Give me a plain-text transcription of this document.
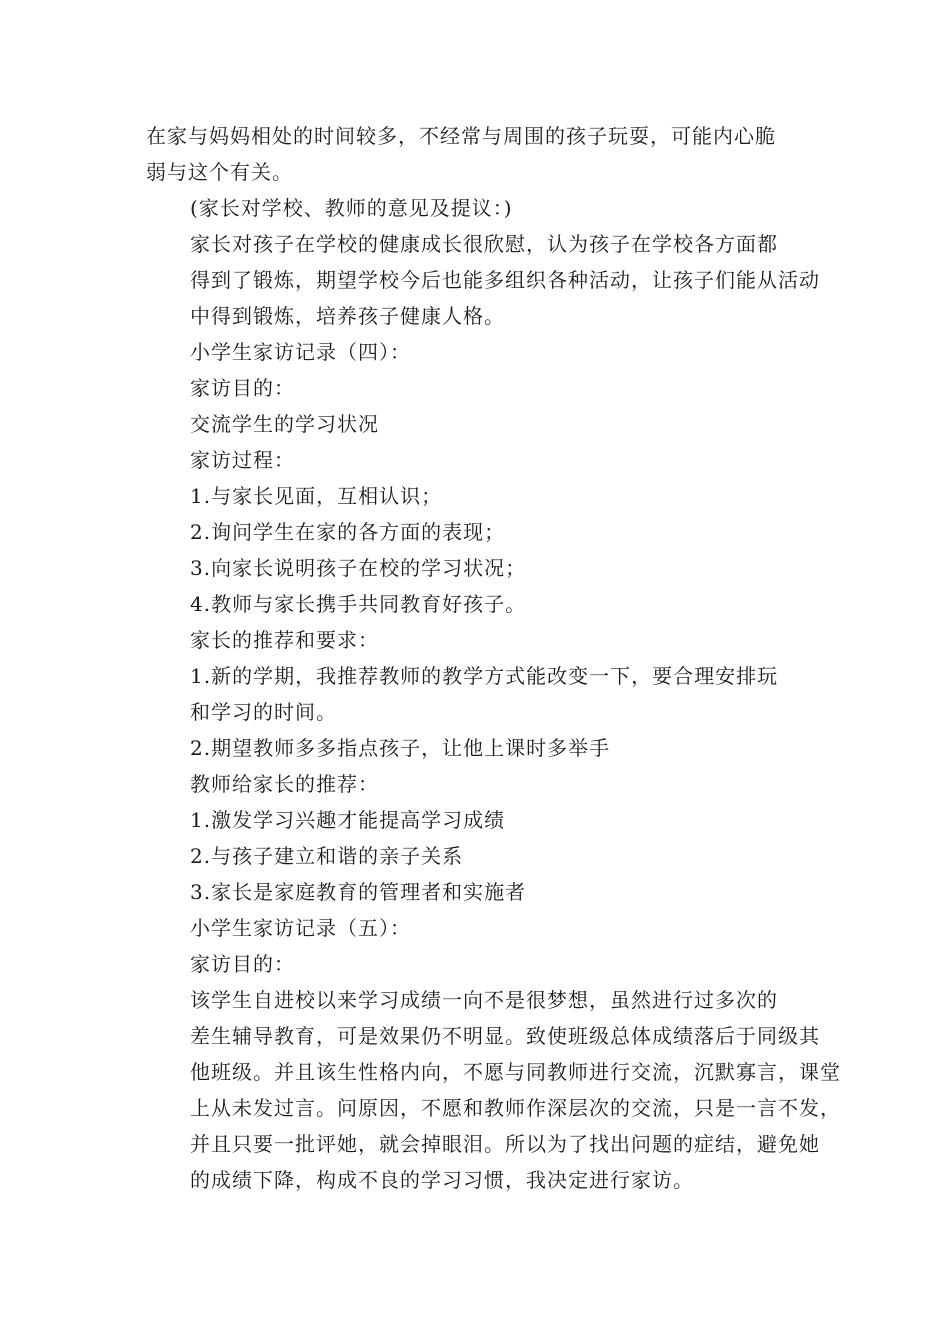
在家与妈妈相处的时间较多，不经常与周围的孩子玩耍，可能内心脆
弱与这个有关。

(家长对学校、教师的意见及提议：)

家长对孩子在学校的健康成长很欣慰，认为孩子在学校各方面都
得到了锻炼，期望学校今后也能多组织各种活动，让孩子们能从活动
中得到锻炼，培养孩子健康人格。

小学生家访记录（四）：

家访目的：

交流学生的学习状况

家访过程：

1.与家长见面，互相认识；

2.询问学生在家的各方面的表现；

3.向家长说明孩子在校的学习状况；

4.教师与家长携手共同教育好孩子。

家长的推荐和要求：

1.新的学期，我推荐教师的教学方式能改变一下，要合理安排玩
和学习的时间。

2.期望教师多多指点孩子，让他上课时多举手

教师给家长的推荐：

1.激发学习兴趣才能提高学习成绩

2.与孩子建立和谐的亲子关系

3.家长是家庭教育的管理者和实施者

小学生家访记录（五）：

家访目的：

该学生自进校以来学习成绩一向不是很梦想，虽然进行过多次的
差生辅导教育，可是效果仍不明显。致使班级总体成绩落后于同级其
他班级。并且该生性格内向，不愿与同教师进行交流，沉默寡言，课堂
上从未发过言。问原因，不愿和教师作深层次的交流，只是一言不发，
并且只要一批评她，就会掉眼泪。所以为了找出问题的症结，避免她
的成绩下降，构成不良的学习习惯，我决定进行家访。
